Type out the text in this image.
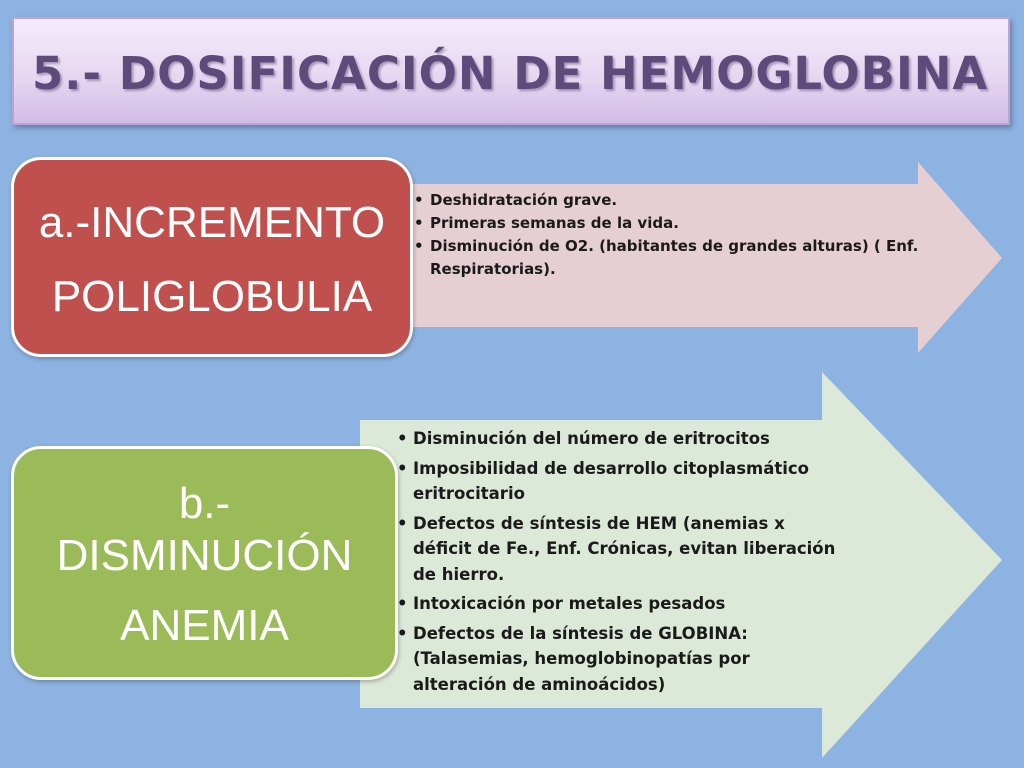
5.- DOSIFICACIÓN DE HEMOGLOBINA
• Deshidratación grave.
• Primeras semanas de la vida.
• Disminución de O2. (habitantes de grandes alturas) ( Enf. Respiratorias).
• Disminución del número de eritrocitos
• Imposibilidad de desarrollo citoplasmático eritrocitario
• Defectos de síntesis de HEM (anemias x déficit de Fe., Enf. Crónicas, evitan liberación de hierro.
• Intoxicación por metales pesados
• Defectos de la síntesis de GLOBINA: (Talasemias, hemoglobinopatías por alteración de aminoácidos)
a.-INCREMENTO
POLIGLOBULIA
b.-
DISMINUCIÓN
ANEMIA
